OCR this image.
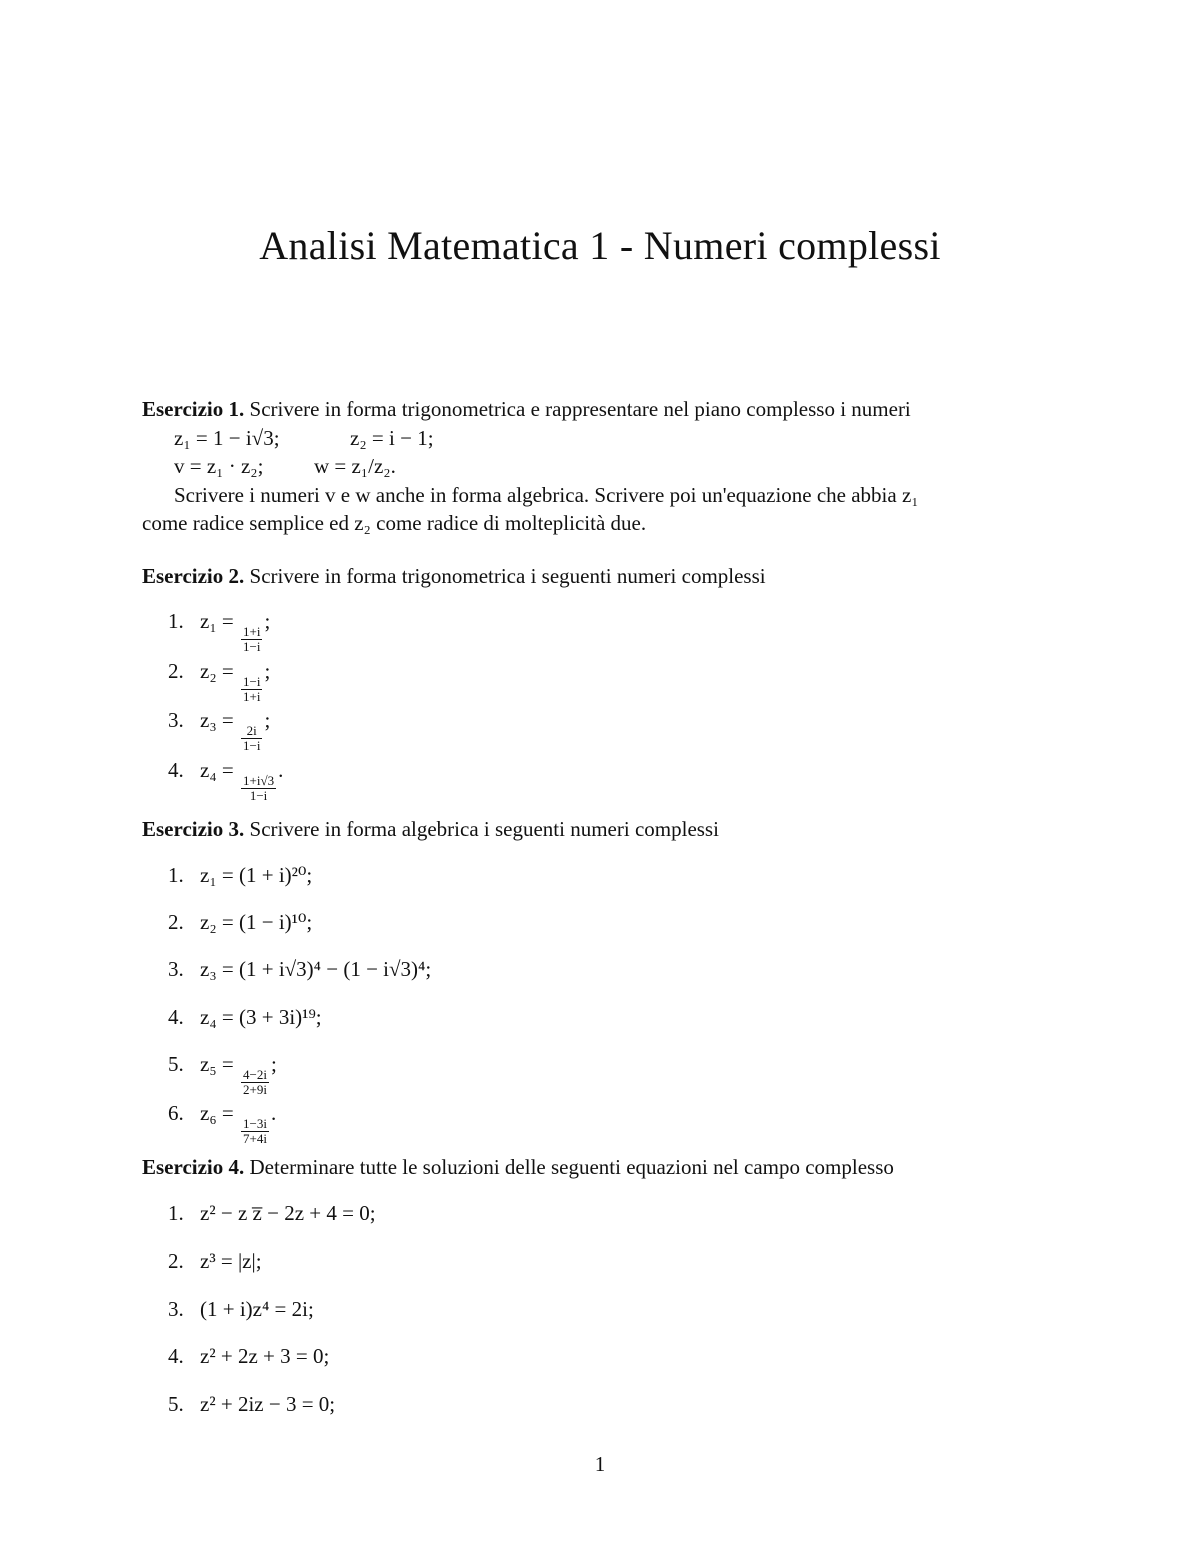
Analisi Matematica 1 - Numeri complessi
Esercizio 1. Scrivere in forma trigonometrica e rappresentare nel piano complesso i numeri
z₁ = 1 − i√3;	z₂ = i − 1;
v = z₁ · z₂; w = z₁/z₂.
Scrivere i numeri v e w anche in forma algebrica. Scrivere poi un'equazione che abbia z₁
come radice semplice ed z₂ come radice di molteplicità due.
Esercizio 2. Scrivere in forma trigonometrica i seguenti numeri complessi
1. z₁ =
$\frac{1+i}{1-i}$
;
2. z₂ =
$\frac{1-i}{1+i}$
;
3. z₃ =
$\frac{2i}{1-i}$
;
4. z₄ =
$\frac{1+i√3}{1-i}$
.
Esercizio 3. Scrivere in forma algebrica i seguenti numeri complessi
1. z₁ = (1 + i)²⁰;
2. z₂ = (1 − i)¹⁰;
3. z₃ = (1 + i√3)⁴ − (1 − i√3)⁴;
4. z₄ = (3 + 3i)¹⁹;
5. z₅ =
$\frac{4-2i}{2+9i}$
;
6. z₆ =
$\frac{1-3i}{7+4i}$
.
Esercizio 4. Determinare tutte le soluzioni delle seguenti equazioni nel campo complesso
1. z² − z z̅ − 2z + 4 = 0;
2. z³ = |z|;
3. (1 + i)z⁴ = 2i;
4. z² + 2z + 3 = 0;
5. z² + 2iz − 3 = 0;
1
